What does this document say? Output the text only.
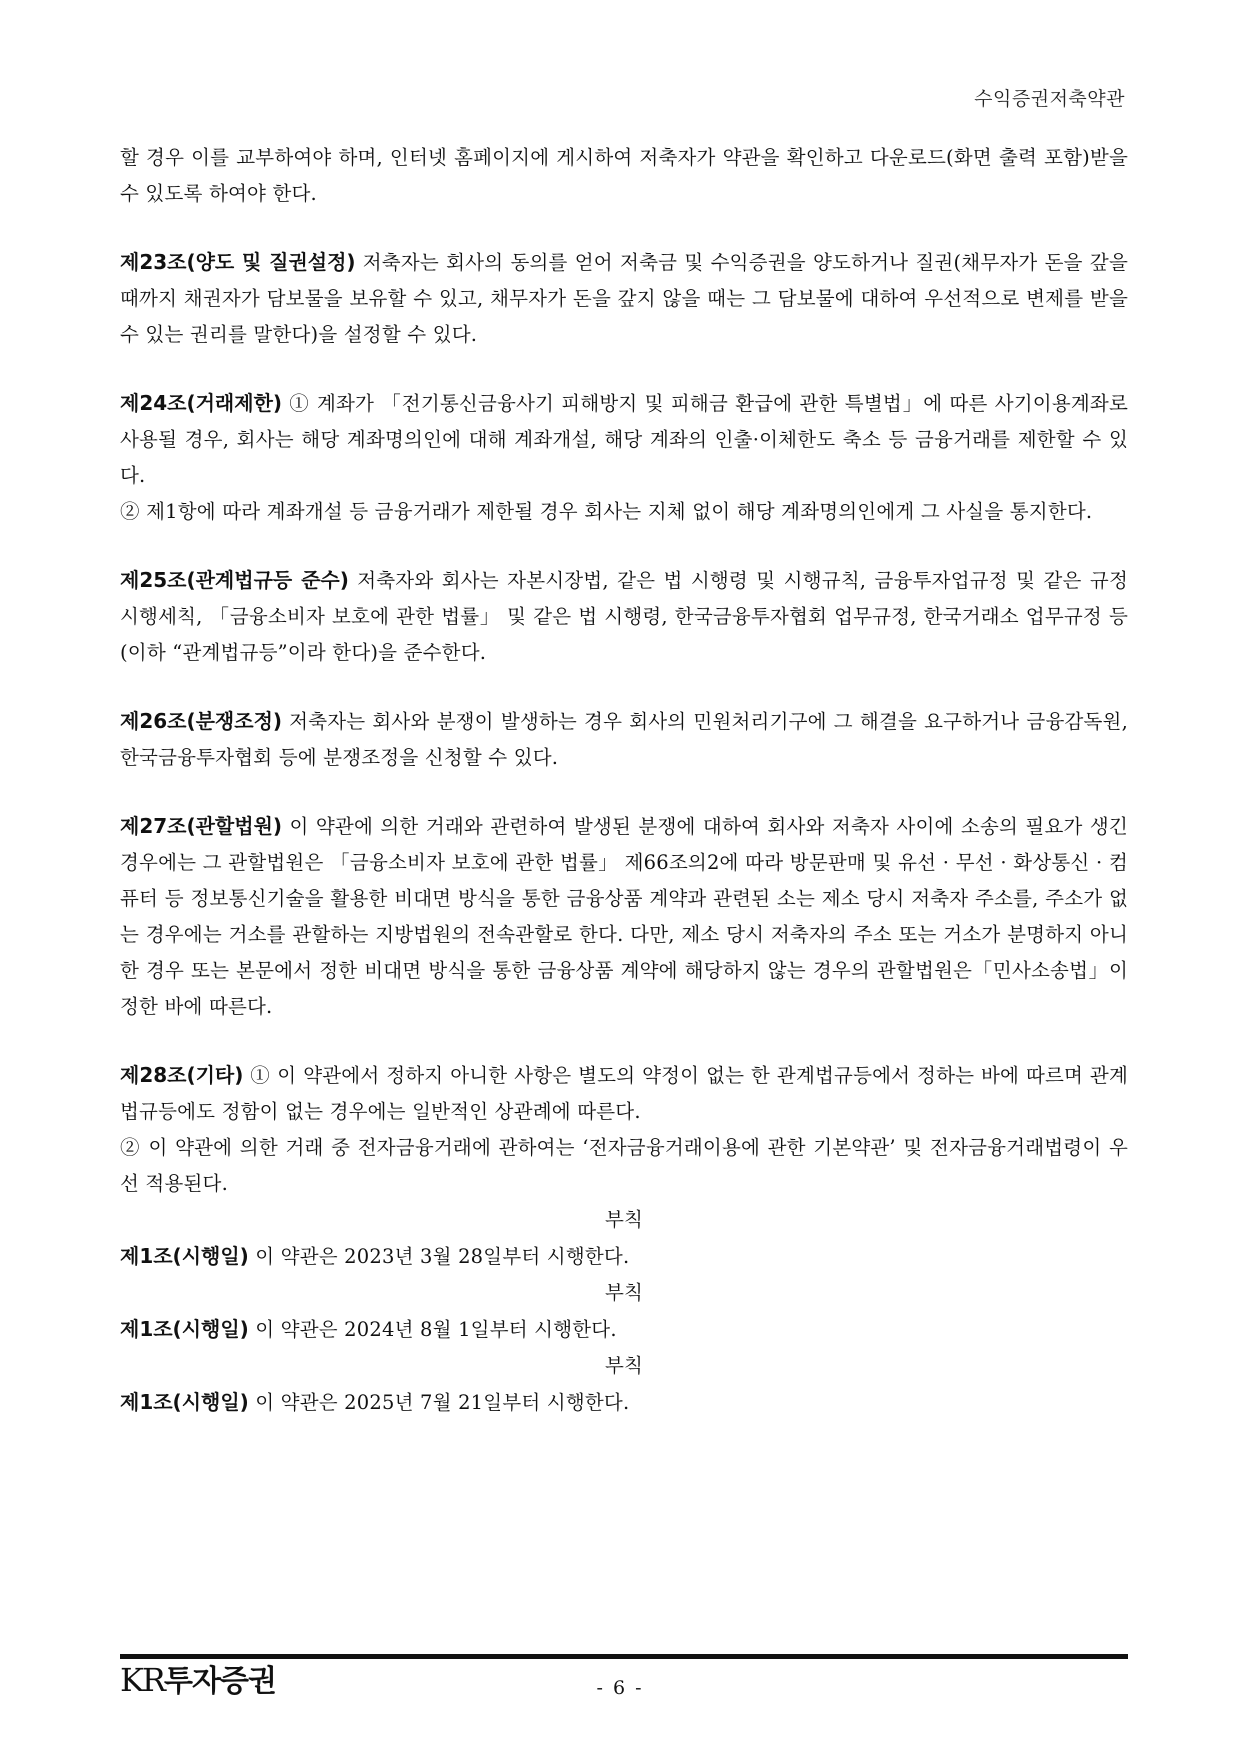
수익증권저축약관

할 경우 이를 교부하여야 하며, 인터넷 홈페이지에 게시하여 저축자가 약관을 확인하고 다운로드(화면 출력 포함)받을 수 있도록 하여야 한다.

제23조(양도 및 질권설정) 저축자는 회사의 동의를 얻어 저축금 및 수익증권을 양도하거나 질권(채무자가 돈을 갚을 때까지 채권자가 담보물을 보유할 수 있고, 채무자가 돈을 갚지 않을 때는 그 담보물에 대하여 우선적으로 변제를 받을 수 있는 권리를 말한다)을 설정할 수 있다.

제24조(거래제한) ① 계좌가 「전기통신금융사기 피해방지 및 피해금 환급에 관한 특별법」에 따른 사기이용계좌로 사용될 경우, 회사는 해당 계좌명의인에 대해 계좌개설, 해당 계좌의 인출·이체한도 축소 등 금융거래를 제한할 수 있다.

② 제1항에 따라 계좌개설 등 금융거래가 제한될 경우 회사는 지체 없이 해당 계좌명의인에게 그 사실을 통지한다.

제25조(관계법규등 준수) 저축자와 회사는 자본시장법, 같은 법 시행령 및 시행규칙, 금융투자업규정 및 같은 규정 시행세칙, 「금융소비자 보호에 관한 법률」 및 같은 법 시행령, 한국금융투자협회 업무규정, 한국거래소 업무규정 등(이하 “관계법규등”이라 한다)을 준수한다.

제26조(분쟁조정) 저축자는 회사와 분쟁이 발생하는 경우 회사의 민원처리기구에 그 해결을 요구하거나 금융감독원, 한국금융투자협회 등에 분쟁조정을 신청할 수 있다.

제27조(관할법원) 이 약관에 의한 거래와 관련하여 발생된 분쟁에 대하여 회사와 저축자 사이에 소송의 필요가 생긴 경우에는 그 관할법원은 「금융소비자 보호에 관한 법률」 제66조의2에 따라 방문판매 및 유선 · 무선 · 화상통신 · 컴퓨터 등 정보통신기술을 활용한 비대면 방식을 통한 금융상품 계약과 관련된 소는 제소 당시 저축자 주소를, 주소가 없는 경우에는 거소를 관할하는 지방법원의 전속관할로 한다. 다만, 제소 당시 저축자의 주소 또는 거소가 분명하지 아니한 경우 또는 본문에서 정한 비대면 방식을 통한 금융상품 계약에 해당하지 않는 경우의 관할법원은「민사소송법」이 정한 바에 따른다.

제28조(기타) ① 이 약관에서 정하지 아니한 사항은 별도의 약정이 없는 한 관계법규등에서 정하는 바에 따르며 관계법규등에도 정함이 없는 경우에는 일반적인 상관례에 따른다.

② 이 약관에 의한 거래 중 전자금융거래에 관하여는 ‘전자금융거래이용에 관한 기본약관’ 및 전자금융거래법령이 우선 적용된다.

부칙

제1조(시행일) 이 약관은 2023년 3월 28일부터 시행한다.

부칙

제1조(시행일) 이 약관은 2024년 8월 1일부터 시행한다.

부칙

제1조(시행일) 이 약관은 2025년 7월 21일부터 시행한다.

KR투자증권	- 6 -
